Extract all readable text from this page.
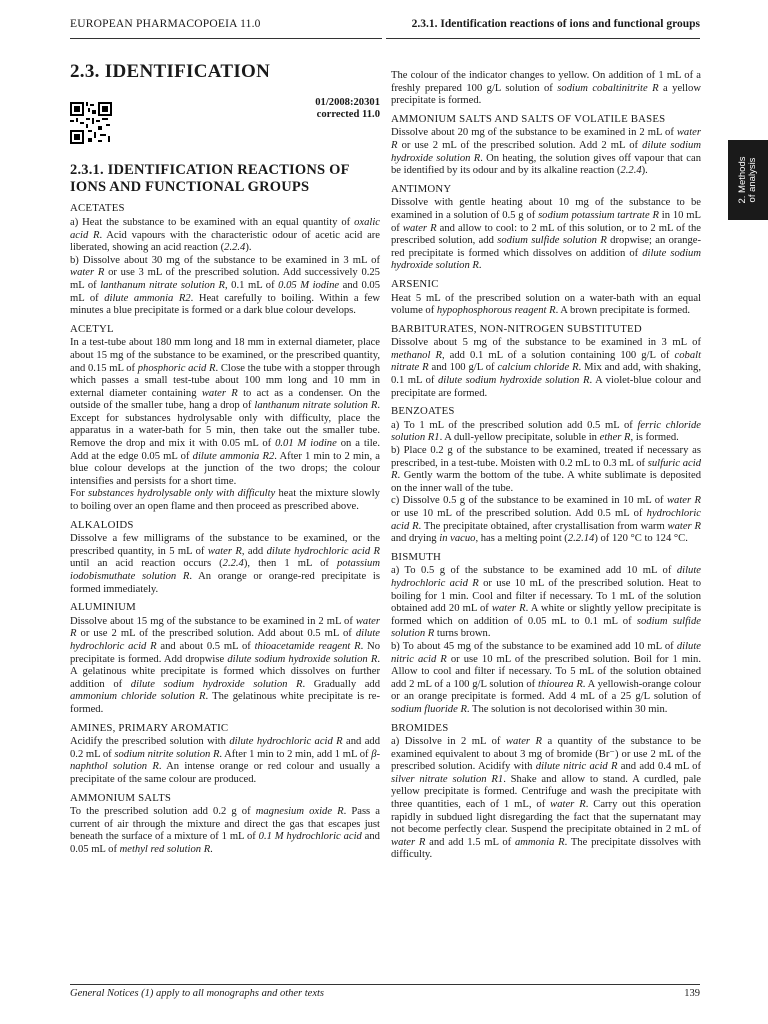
EUROPEAN PHARMACOPOEIA 11.0	2.3.1. Identification reactions of ions and functional groups
2. Methods
of analysis
2.3. IDENTIFICATION
01/2008:20301
corrected 11.0
2.3.1. IDENTIFICATION REACTIONS OF IONS AND FUNCTIONAL GROUPS
ACETATES

a) Heat the substance to be examined with an equal quantity of oxalic acid R. Acid vapours with the characteristic odour of acetic acid are liberated, showing an acid reaction (2.2.4).

b) Dissolve about 30 mg of the substance to be examined in 3 mL of water R or use 3 mL of the prescribed solution. Add successively 0.25 mL of lanthanum nitrate solution R, 0.1 mL of 0.05 M iodine and 0.05 mL of dilute ammonia R2. Heat carefully to boiling. Within a few minutes a blue precipitate is formed or a dark blue colour develops.

ACETYL

In a test-tube about 180 mm long and 18 mm in external diameter, place about 15 mg of the substance to be examined, or the prescribed quantity, and 0.15 mL of phosphoric acid R. Close the tube with a stopper through which passes a small test-tube about 100 mm long and 10 mm in external diameter containing water R to act as a condenser. On the outside of the smaller tube, hang a drop of lanthanum nitrate solution R. Except for substances hydrolysable only with difficulty, place the apparatus in a water-bath for 5 min, then take out the smaller tube. Remove the drop and mix it with 0.05 mL of 0.01 M iodine on a tile. Add at the edge 0.05 mL of dilute ammonia R2. After 1 min to 2 min, a blue colour develops at the junction of the two drops; the colour intensifies and persists for a short time.

For substances hydrolysable only with difficulty heat the mixture slowly to boiling over an open flame and then proceed as prescribed above.

ALKALOIDS

Dissolve a few milligrams of the substance to be examined, or the prescribed quantity, in 5 mL of water R, add dilute hydrochloric acid R until an acid reaction occurs (2.2.4), then 1 mL of potassium iodobismuthate solution R. An orange or orange-red precipitate is formed immediately.

ALUMINIUM

Dissolve about 15 mg of the substance to be examined in 2 mL of water R or use 2 mL of the prescribed solution. Add about 0.5 mL of dilute hydrochloric acid R and about 0.5 mL of thioacetamide reagent R. No precipitate is formed. Add dropwise dilute sodium hydroxide solution R. A gelatinous white precipitate is formed which dissolves on further addition of dilute sodium hydroxide solution R. Gradually add ammonium chloride solution R. The gelatinous white precipitate is re-formed.

AMINES, PRIMARY AROMATIC

Acidify the prescribed solution with dilute hydrochloric acid R and add 0.2 mL of sodium nitrite solution R. After 1 min to 2 min, add 1 mL of β-naphthol solution R. An intense orange or red colour and usually a precipitate of the same colour are produced.

AMMONIUM SALTS

To the prescribed solution add 0.2 g of magnesium oxide R. Pass a current of air through the mixture and direct the gas that escapes just beneath the surface of a mixture of 1 mL of 0.1 M hydrochloric acid and 0.05 mL of methyl red solution R.

The colour of the indicator changes to yellow. On addition of 1 mL of a freshly prepared 100 g/L solution of sodium cobaltinitrite R a yellow precipitate is formed.

AMMONIUM SALTS AND SALTS OF VOLATILE BASES

Dissolve about 20 mg of the substance to be examined in 2 mL of water R or use 2 mL of the prescribed solution. Add 2 mL of dilute sodium hydroxide solution R. On heating, the solution gives off vapour that can be identified by its odour and by its alkaline reaction (2.2.4).

ANTIMONY

Dissolve with gentle heating about 10 mg of the substance to be examined in a solution of 0.5 g of sodium potassium tartrate R in 10 mL of water R and allow to cool: to 2 mL of this solution, or to 2 mL of the prescribed solution, add sodium sulfide solution R dropwise; an orange-red precipitate is formed which dissolves on addition of dilute sodium hydroxide solution R.

ARSENIC

Heat 5 mL of the prescribed solution on a water-bath with an equal volume of hypophosphorous reagent R. A brown precipitate is formed.

BARBITURATES, NON-NITROGEN SUBSTITUTED

Dissolve about 5 mg of the substance to be examined in 3 mL of methanol R, add 0.1 mL of a solution containing 100 g/L of cobalt nitrate R and 100 g/L of calcium chloride R. Mix and add, with shaking, 0.1 mL of dilute sodium hydroxide solution R. A violet-blue colour and precipitate are formed.

BENZOATES

a) To 1 mL of the prescribed solution add 0.5 mL of ferric chloride solution R1. A dull-yellow precipitate, soluble in ether R, is formed.

b) Place 0.2 g of the substance to be examined, treated if necessary as prescribed, in a test-tube. Moisten with 0.2 mL to 0.3 mL of sulfuric acid R. Gently warm the bottom of the tube. A white sublimate is deposited on the inner wall of the tube.

c) Dissolve 0.5 g of the substance to be examined in 10 mL of water R or use 10 mL of the prescribed solution. Add 0.5 mL of hydrochloric acid R. The precipitate obtained, after crystallisation from warm water R and drying in vacuo, has a melting point (2.2.14) of 120 °C to 124 °C.

BISMUTH

a) To 0.5 g of the substance to be examined add 10 mL of dilute hydrochloric acid R or use 10 mL of the prescribed solution. Heat to boiling for 1 min. Cool and filter if necessary. To 1 mL of the solution obtained add 20 mL of water R. A white or slightly yellow precipitate is formed which on addition of 0.05 mL to 0.1 mL of sodium sulfide solution R turns brown.

b) To about 45 mg of the substance to be examined add 10 mL of dilute nitric acid R or use 10 mL of the prescribed solution. Boil for 1 min. Allow to cool and filter if necessary. To 5 mL of the solution obtained add 2 mL of a 100 g/L solution of thiourea R. A yellowish-orange colour or an orange precipitate is formed. Add 4 mL of a 25 g/L solution of sodium fluoride R. The solution is not decolorised within 30 min.

BROMIDES

a) Dissolve in 2 mL of water R a quantity of the substance to be examined equivalent to about 3 mg of bromide (Br⁻) or use 2 mL of the prescribed solution. Acidify with dilute nitric acid R and add 0.4 mL of silver nitrate solution R1. Shake and allow to stand. A curdled, pale yellow precipitate is formed. Centrifuge and wash the precipitate with three quantities, each of 1 mL, of water R. Carry out this operation rapidly in subdued light disregarding the fact that the supernatant may not become perfectly clear. Suspend the precipitate obtained in 2 mL of water R and add 1.5 mL of ammonia R. The precipitate dissolves with difficulty.

General Notices (1) apply to all monographs and other texts	139
